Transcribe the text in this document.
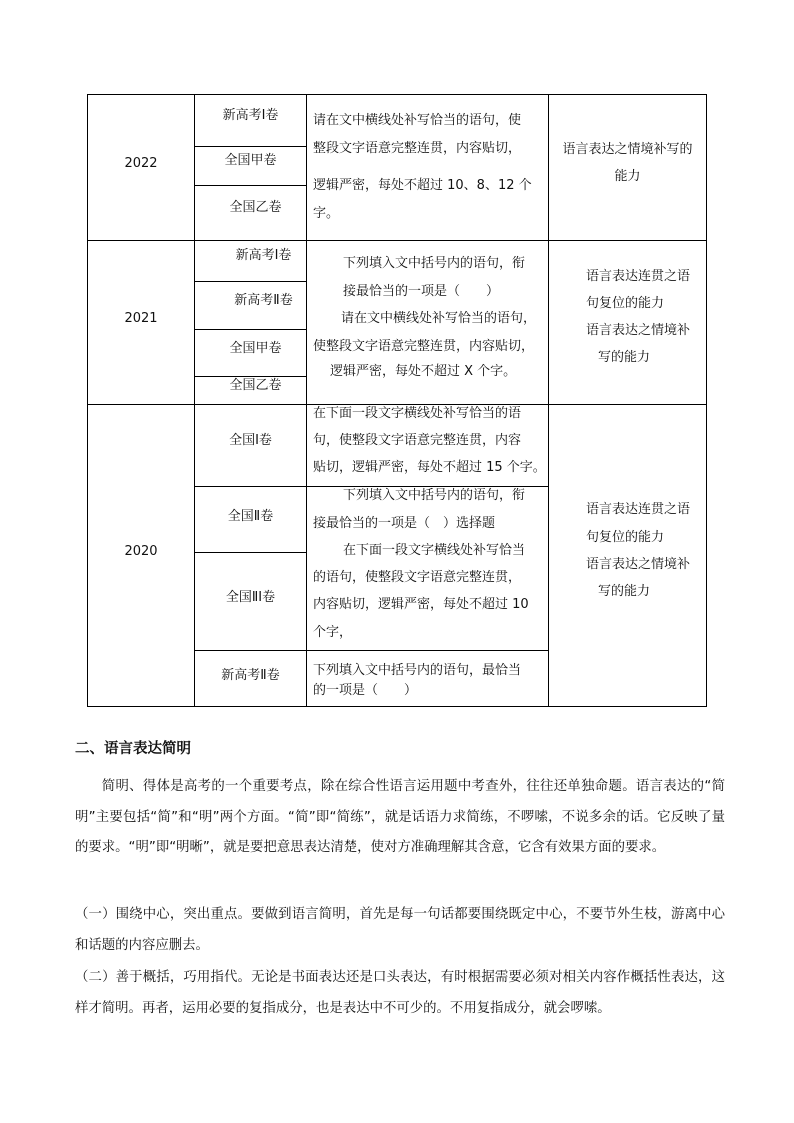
2022
新高考Ⅰ卷
全国甲卷
全国乙卷
请在文中横线处补写恰当的语句，使
整段文字语意完整连贯，内容贴切，
逻辑严密，每处不超过 10、8、12 个
字。
语言表达之情境补写的
能力
2021
新高考Ⅰ卷
新高考Ⅱ卷
全国甲卷
全国乙卷
下列填入文中括号内的语句，衔
接最恰当的一项是（　　）
请在文中横线处补写恰当的语句，
使整段文字语意完整连贯，内容贴切，
逻辑严密，每处不超过 X 个字。
语言表达连贯之语
句复位的能力
语言表达之情境补
写的能力
2020
全国Ⅰ卷
全国Ⅱ卷
全国ⅡⅠ卷
新高考Ⅱ卷
在下面一段文字横线处补写恰当的语
句，使整段文字语意完整连贯，内容
贴切，逻辑严密，每处不超过 15 个字。
下列填入文中括号内的语句，衔
接最恰当的一项是（　）选择题
在下面一段文字横线处补写恰当
的语句，使整段文字语意完整连贯，
内容贴切，逻辑严密，每处不超过 10
个字，
下列填入文中括号内的语句，最恰当
的一项是（　　）
语言表达连贯之语
句复位的能力
语言表达之情境补
写的能力
二、语言表达简明
简明、得体是高考的一个重要考点，除在综合性语言运用题中考查外，往往还单独命题。语言表达的“简明”主要包括“简”和“明”两个方面。“简”即“简练”，就是话语力求简练，不啰嗦，不说多余的话。它反映了量的要求。“明”即“明晰”，就是要把意思表达清楚，使对方准确理解其含意，它含有效果方面的要求。
（一）围绕中心，突出重点。要做到语言简明，首先是每一句话都要围绕既定中心，不要节外生枝，游离中心和话题的内容应删去。
（二）善于概括，巧用指代。无论是书面表达还是口头表达，有时根据需要必须对相关内容作概括性表达，这样才简明。再者，运用必要的复指成分，也是表达中不可少的。不用复指成分，就会啰嗦。
